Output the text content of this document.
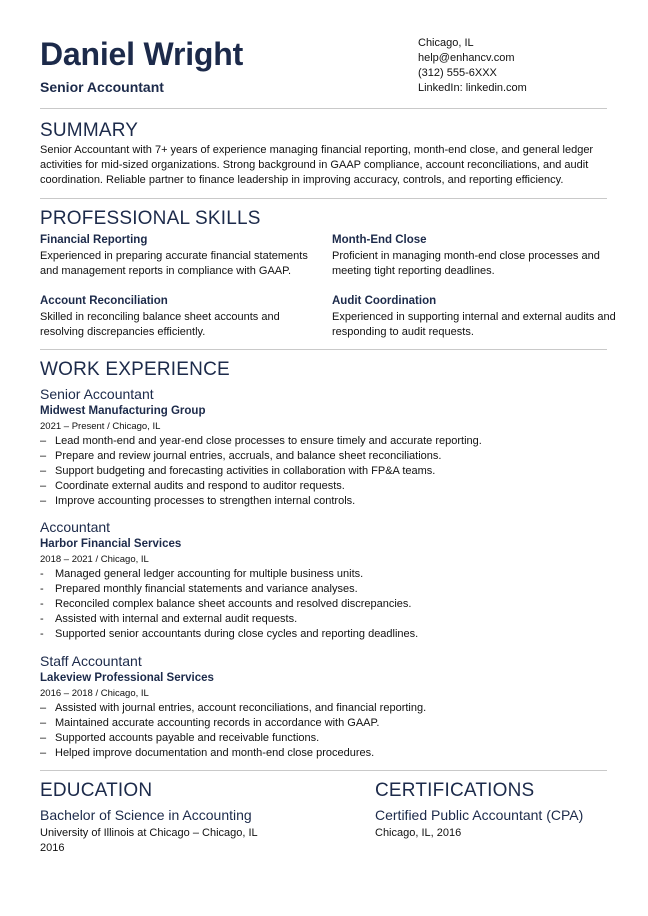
Daniel Wright
Senior Accountant
Chicago, IL
help@enhancv.com
(312) 555-6XXX
LinkedIn: linkedin.com
SUMMARY
Senior Accountant with 7+ years of experience managing financial reporting, month-end close, and general ledger activities for mid-sized organizations. Strong background in GAAP compliance, account reconciliations, and audit coordination. Reliable partner to finance leadership in improving accuracy, controls, and reporting efficiency.
PROFESSIONAL SKILLS
Financial Reporting
Experienced in preparing accurate financial statements and management reports in compliance with GAAP.
Month-End Close
Proficient in managing month-end close processes and meeting tight reporting deadlines.
Account Reconciliation
Skilled in reconciling balance sheet accounts and resolving discrepancies efficiently.
Audit Coordination
Experienced in supporting internal and external audits and responding to audit requests.
WORK EXPERIENCE
Senior Accountant
Midwest Manufacturing Group
2021 – Present / Chicago, IL
– Lead month-end and year-end close processes to ensure timely and accurate reporting.
– Prepare and review journal entries, accruals, and balance sheet reconciliations.
– Support budgeting and forecasting activities in collaboration with FP&A teams.
– Coordinate external audits and respond to auditor requests.
– Improve accounting processes to strengthen internal controls.
Accountant
Harbor Financial Services
2018 – 2021 / Chicago, IL
-	Managed general ledger accounting for multiple business units.
-	Prepared monthly financial statements and variance analyses.
-	Reconciled complex balance sheet accounts and resolved discrepancies.
-	Assisted with internal and external audit requests.
-	Supported senior accountants during close cycles and reporting deadlines.
Staff Accountant
Lakeview Professional Services
2016 – 2018 / Chicago, IL
– Assisted with journal entries, account reconciliations, and financial reporting.
– Maintained accurate accounting records in accordance with GAAP.
– Supported accounts payable and receivable functions.
– Helped improve documentation and month-end close procedures.
EDUCATION
Bachelor of Science in Accounting
University of Illinois at Chicago – Chicago, IL
2016
CERTIFICATIONS
Certified Public Accountant (CPA)
Chicago, IL, 2016
